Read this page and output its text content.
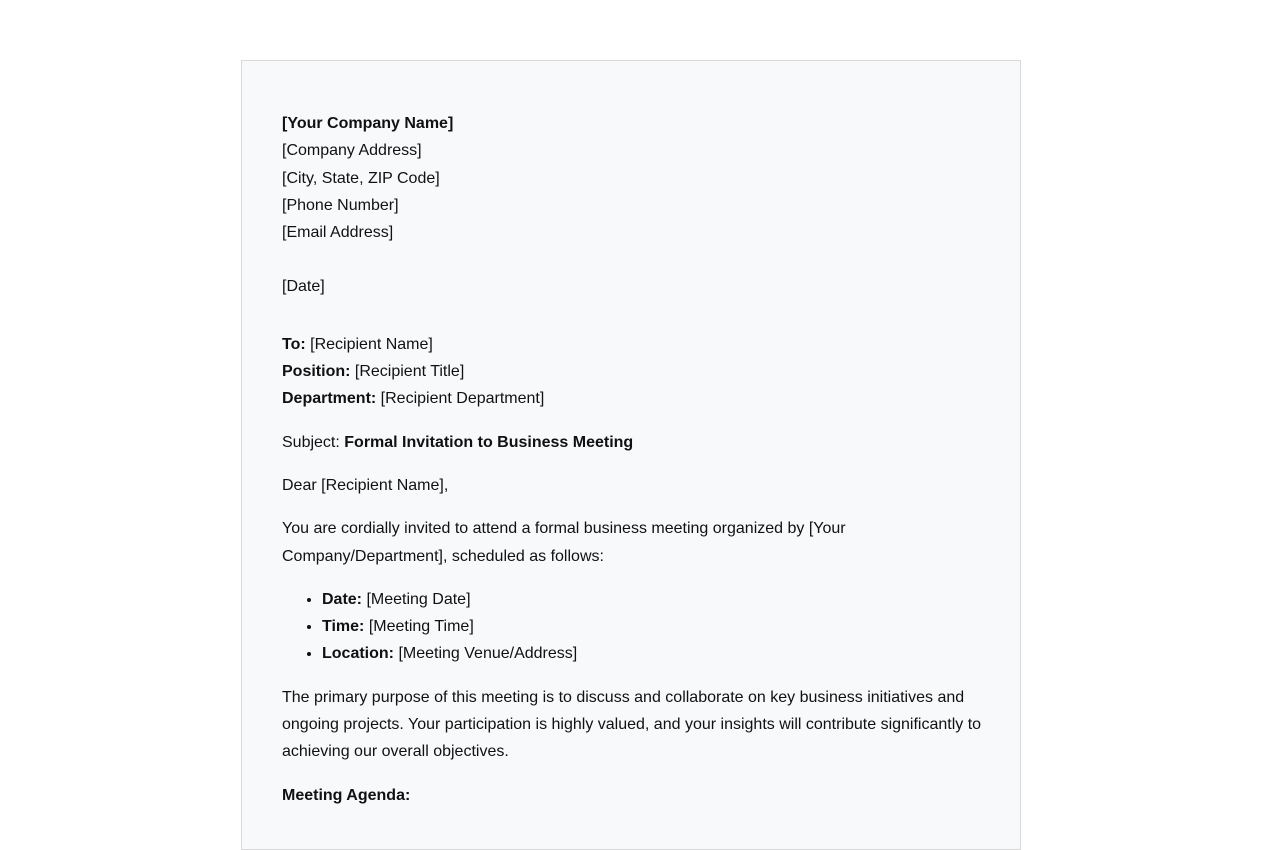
[Your Company Name]
[Company Address]
[City, State, ZIP Code]
[Phone Number]
[Email Address]
[Date]
To: [Recipient Name]
Position: [Recipient Title]
Department: [Recipient Department]

Subject: Formal Invitation to Business Meeting

Dear [Recipient Name],

You are cordially invited to attend a formal business meeting organized by [Your Company/Department], scheduled as follows:

• Date: [Meeting Date]
• Time: [Meeting Time]
• Location: [Meeting Venue/Address]

The primary purpose of this meeting is to discuss and collaborate on key business initiatives and ongoing projects. Your participation is highly valued, and your insights will contribute significantly to achieving our overall objectives.

Meeting Agenda:
